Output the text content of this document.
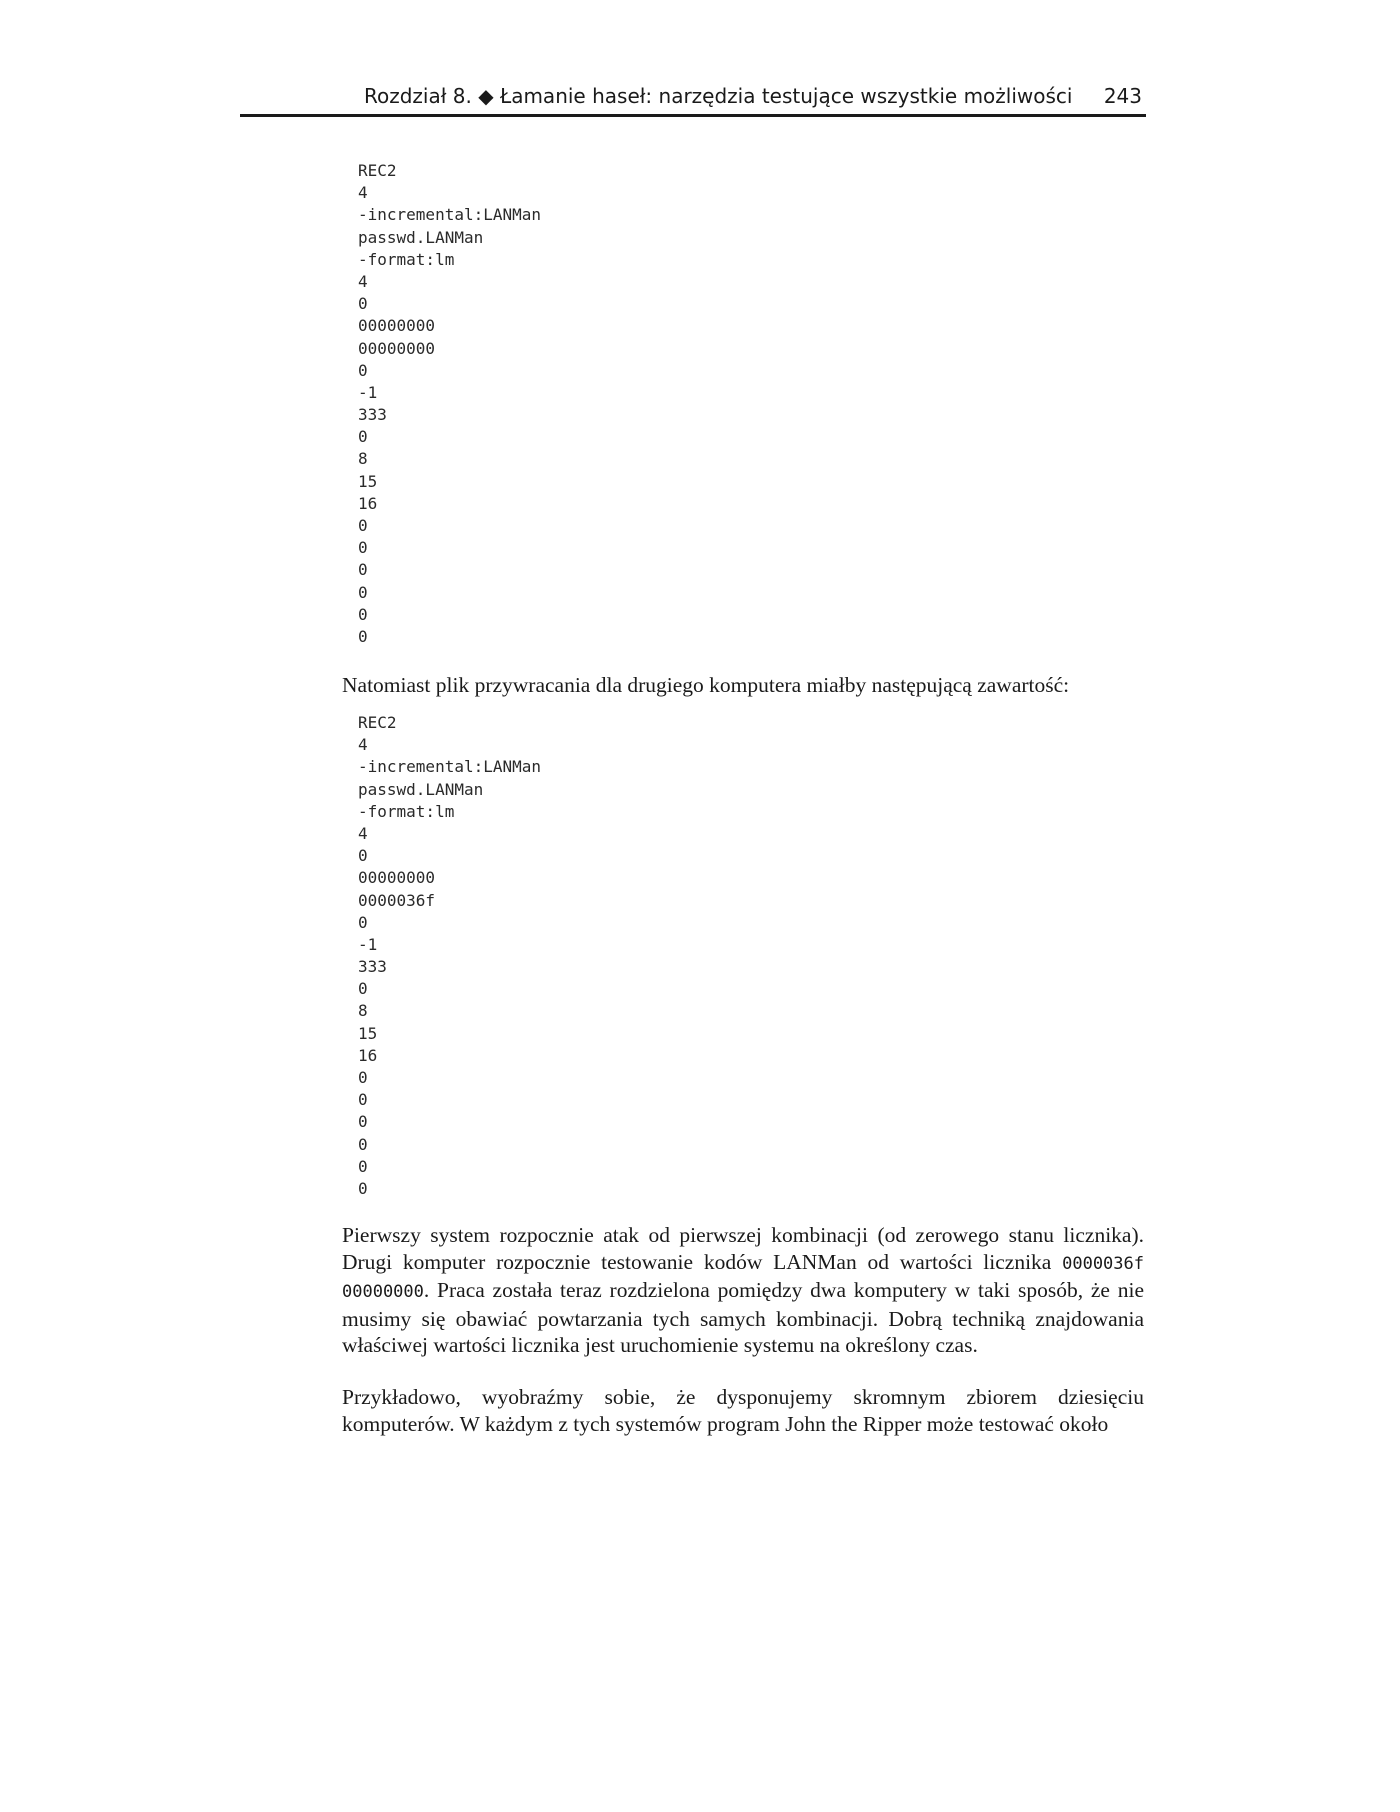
Rozdział 8. ◆ Łamanie haseł: narzędzia testujące wszystkie możliwości 243
REC2
4
-incremental:LANMan
passwd.LANMan
-format:lm
4
0
00000000
00000000
0
-1
333
0
8
15
16
0
0
0
0
0
0

Natomiast plik przywracania dla drugiego komputera miałby następującą zawartość:

REC2
4
-incremental:LANMan
passwd.LANMan
-format:lm
4
0
00000000
0000036f
0
-1
333
0
8
15
16
0
0
0
0
0
0

Pierwszy system rozpocznie atak od pierwszej kombinacji (od zerowego stanu licznika). Drugi komputer rozpocznie testowanie kodów LANMan od wartości licznika 0000036f 00000000. Praca została teraz rozdzielona pomiędzy dwa komputery w taki sposób, że nie musimy się obawiać powtarzania tych samych kombinacji. Dobrą techniką znajdowania właściwej wartości licznika jest uruchomienie systemu na określony czas.

Przykładowo, wyobraźmy sobie, że dysponujemy skromnym zbiorem dziesięciu komputerów. W każdym z tych systemów program John the Ripper może testować około
